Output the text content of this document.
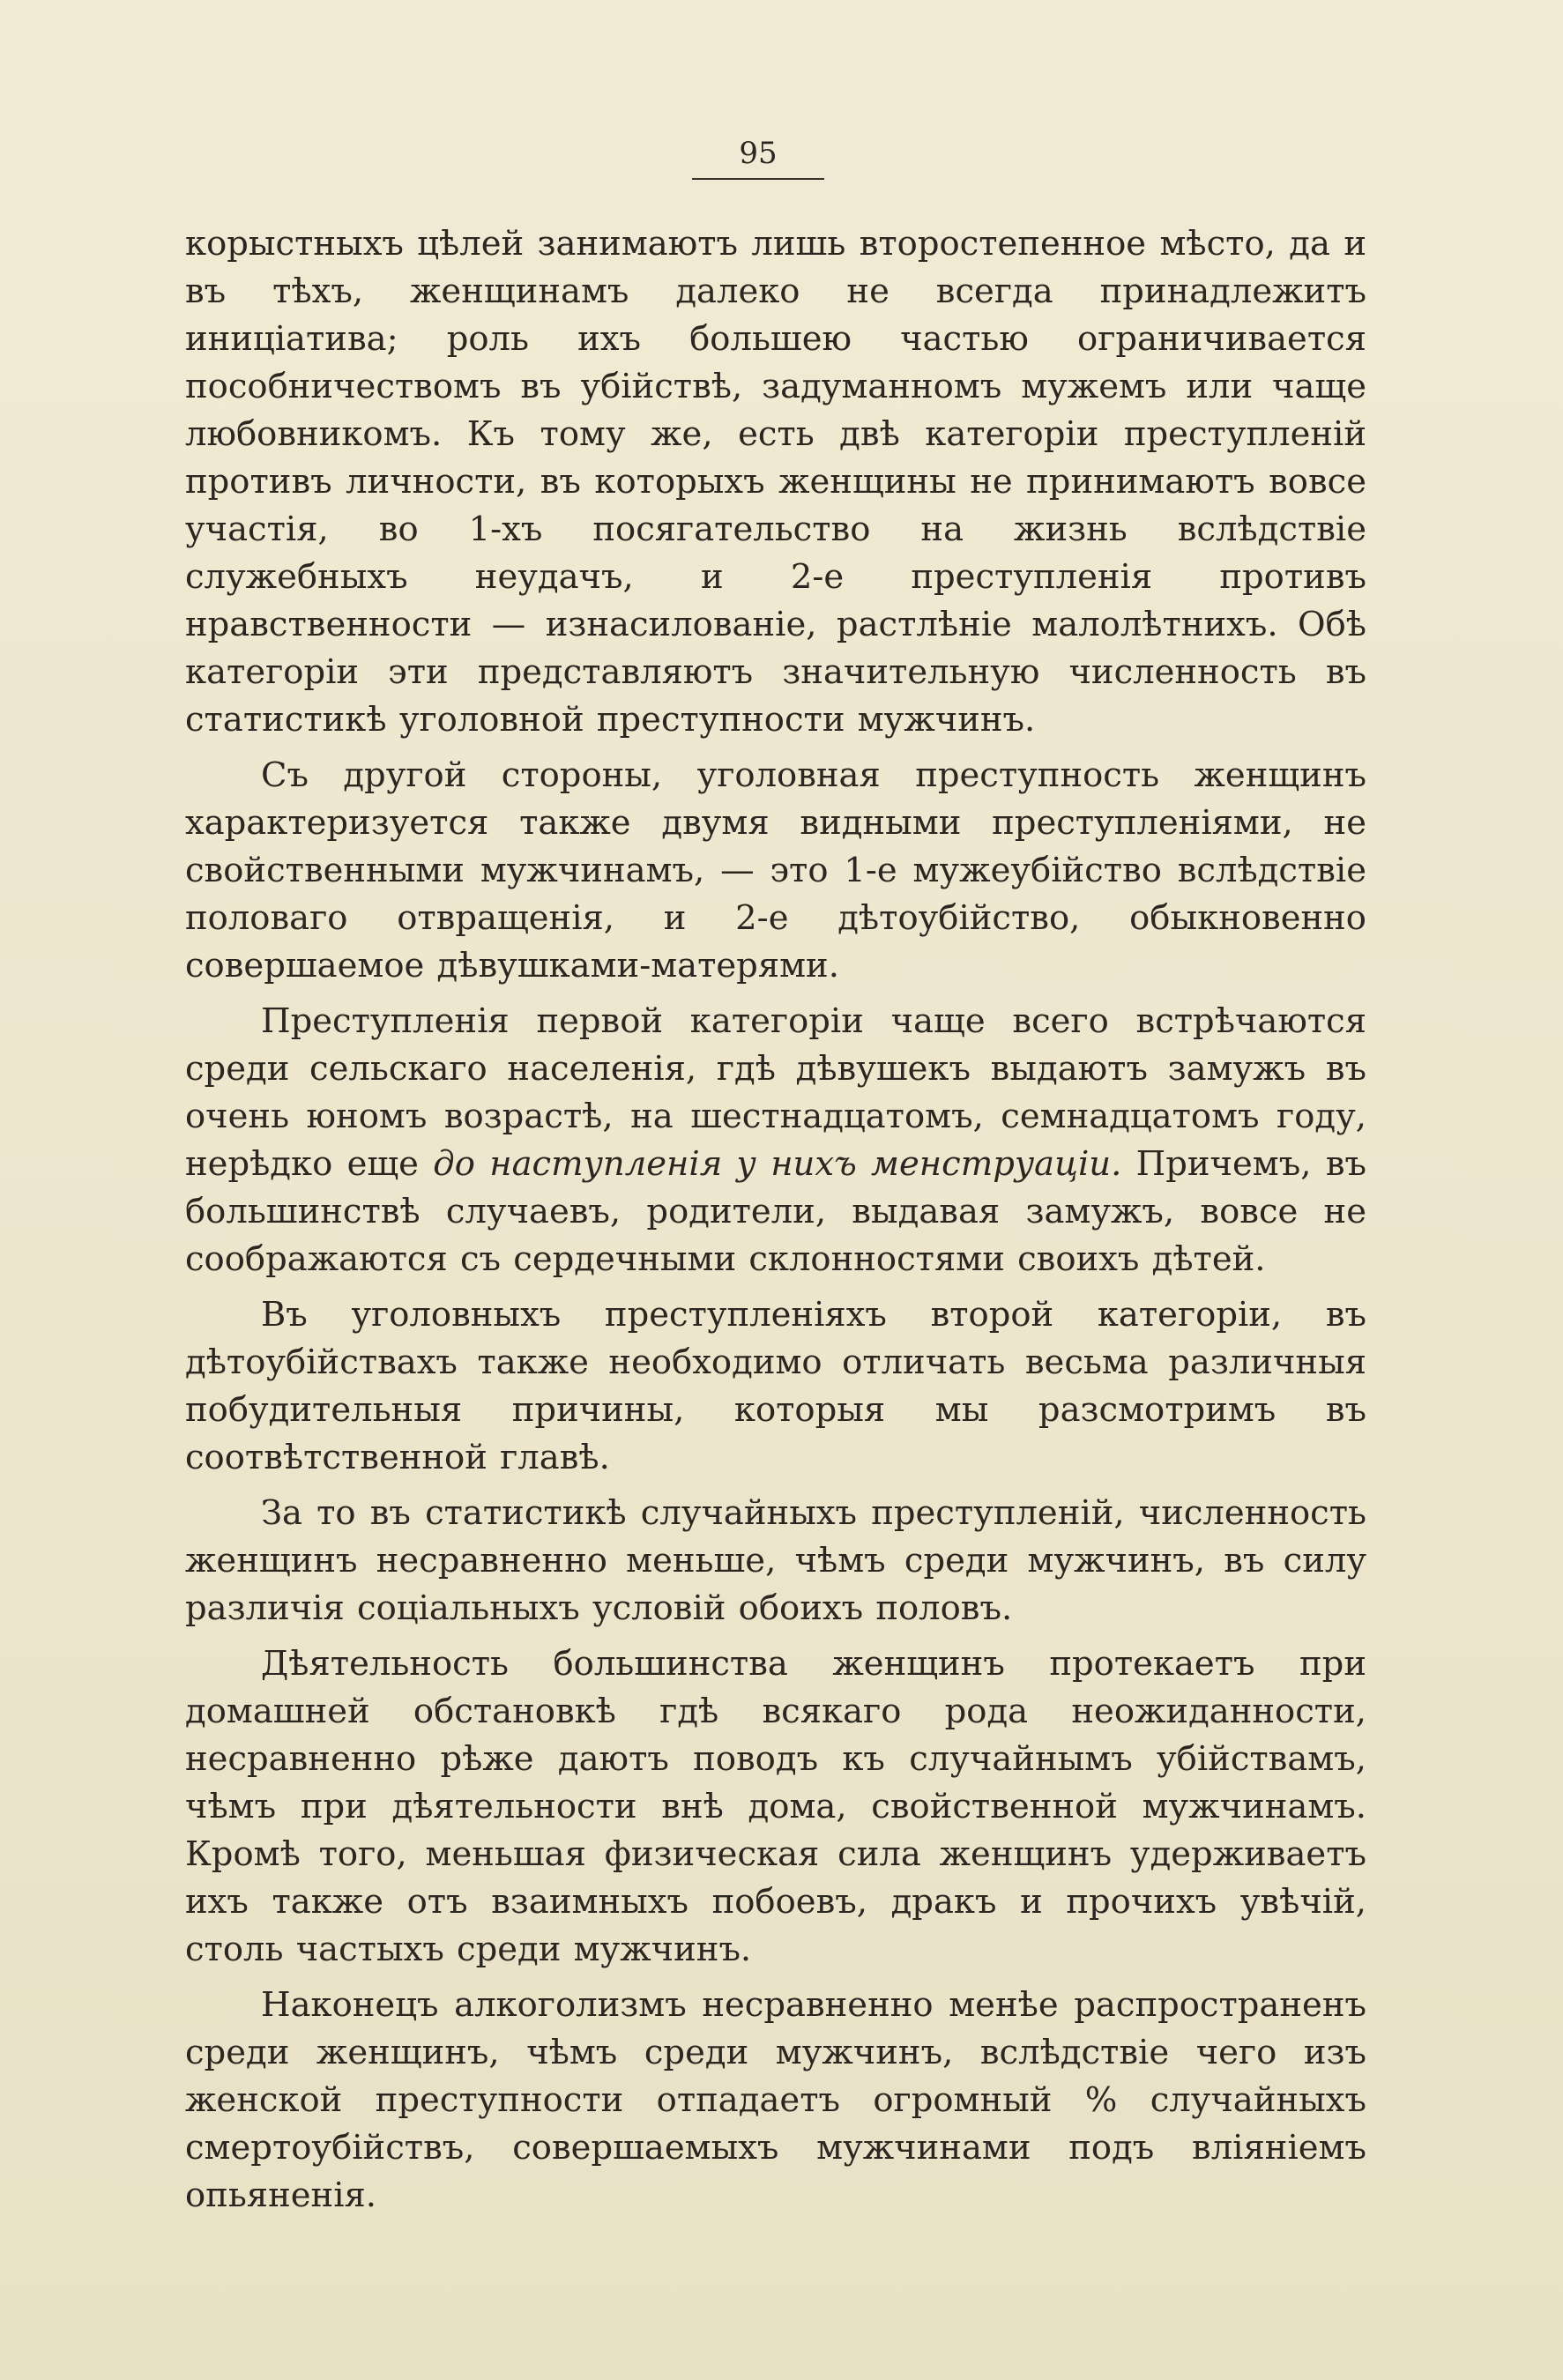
95

корыстныхъ цѣлей занимаютъ лишь второстепенное мѣсто, да и въ тѣхъ, женщинамъ далеко не всегда принадлежитъ иниціатива; роль ихъ большею частью ограничивается пособничествомъ въ убійствѣ, задуманномъ мужемъ или чаще любовникомъ. Къ тому же, есть двѣ категоріи преступленій противъ личности, въ которыхъ женщины не принимаютъ вовсе участія, во 1-хъ посягательство на жизнь вслѣдствіе служебныхъ неудачъ, и 2-е преступленія противъ нравственности — изнасилованіе, растлѣніе малолѣтнихъ. Обѣ категоріи эти представляютъ значительную численность въ статистикѣ уголовной преступности мужчинъ.

Съ другой стороны, уголовная преступность женщинъ характеризуется также двумя видными преступленіями, не свойственными мужчинамъ, — это 1-е мужеубійство вслѣдствіе половаго отвращенія, и 2-е дѣтоубійство, обыкновенно совершаемое дѣвушками-матерями.

Преступленія первой категоріи чаще всего встрѣчаются среди сельскаго населенія, гдѣ дѣвушекъ выдаютъ замужъ въ очень юномъ возрастѣ, на шестнадцатомъ, семнадцатомъ году, нерѣдко еще до наступленія у нихъ менструаціи. Причемъ, въ большинствѣ случаевъ, родители, выдавая замужъ, вовсе не соображаются съ сердечными склонностями своихъ дѣтей.

Въ уголовныхъ преступленіяхъ второй категоріи, въ дѣтоубійствахъ также необходимо отличать весьма различныя побудительныя причины, которыя мы разсмотримъ въ соотвѣтственной главѣ.

За то въ статистикѣ случайныхъ преступленій, численность женщинъ несравненно меньше, чѣмъ среди мужчинъ, въ силу различія соціальныхъ условій обоихъ половъ.

Дѣятельность большинства женщинъ протекаетъ при домашней обстановкѣ гдѣ всякаго рода неожиданности, несравненно рѣже даютъ поводъ къ случайнымъ убійствамъ, чѣмъ при дѣятельности внѣ дома, свойственной мужчинамъ. Кромѣ того, меньшая физическая сила женщинъ удерживаетъ ихъ также отъ взаимныхъ побоевъ, дракъ и прочихъ увѣчій, столь частыхъ среди мужчинъ.

Наконецъ алкоголизмъ несравненно менѣе распространенъ среди женщинъ, чѣмъ среди мужчинъ, вслѣдствіе чего изъ женской преступности отпадаетъ огромный % случайныхъ смертоубійствъ, совершаемыхъ мужчинами подъ вліяніемъ опьяненія.
